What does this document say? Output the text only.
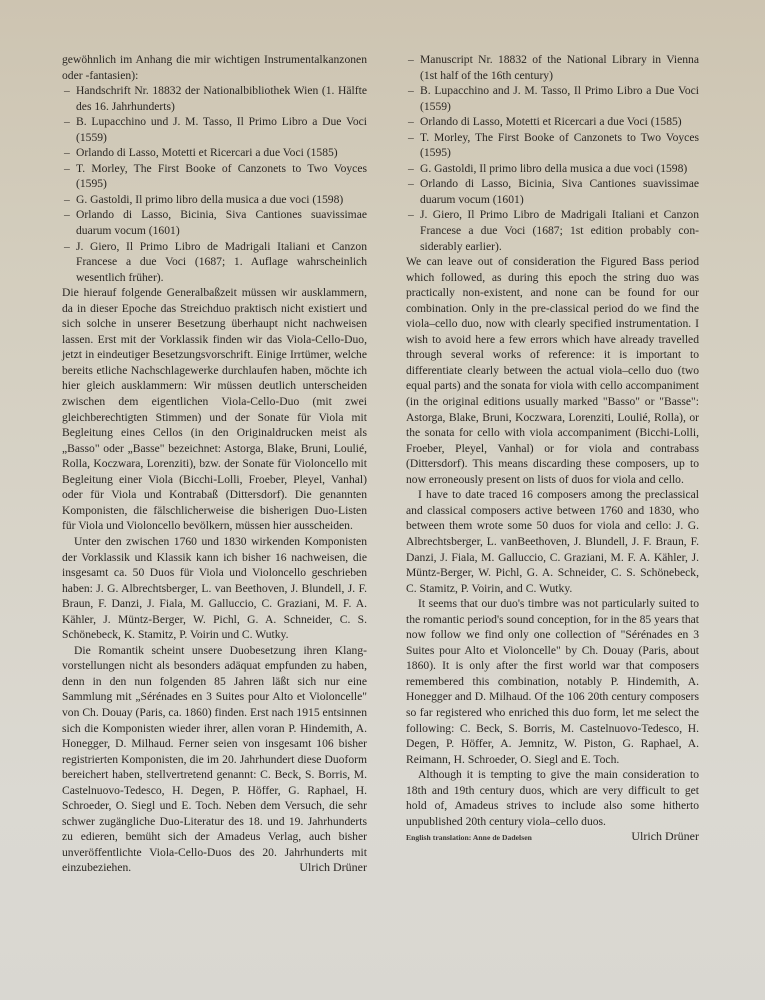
gewöhnlich im Anhang die mir wichtigen Instrumentalkanzonen oder -fantasien):

– Handschrift Nr. 18832 der Nationalbibliothek Wien (1. Hälfte des 16. Jahrhunderts)
– B. Lupacchino und J. M. Tasso, Il Primo Libro a Due Voci (1559)
– Orlando di Lasso, Motetti et Ricercari a due Voci (1585)
– T. Morley, The First Booke of Canzonets to Two Voyces (1595)
– G. Gastoldi, Il primo libro della musica a due voci (1598)
– Orlando di Lasso, Bicinia, Siva Cantiones suavissimae duarum vocum (1601)
– J. Giero, Il Primo Libro de Madrigali Italiani et Canzon Francese a due Voci (1687; 1. Auflage wahrscheinlich wesentlich früher).

Die hierauf folgende Generalbaßzeit müssen wir ausklammern, da in dieser Epoche das Streichduo praktisch nicht existiert und sich solche in unserer Besetzung überhaupt nicht nachweisen lassen. Erst mit der Vorklassik finden wir das Viola-Cello-Duo, jetzt in eindeutiger Besetzungsvorschrift. Einige Irrtümer, welche bereits etliche Nachschlagewerke durchlaufen haben, möchte ich hier gleich ausklammern: Wir müssen deutlich unterscheiden zwischen dem eigentlichen Viola-Cello-Duo (mit zwei gleichberechtigten Stimmen) und der Sonate für Viola mit Begleitung eines Cellos (in den Originaldrucken meist als „Basso" oder „Basse" bezeichnet: Astorga, Blake, Bruni, Loulié, Rolla, Koczwara, Lorenziti), bzw. der Sonate für Violoncello mit Begleitung einer Viola (Bicchi-Lolli, Froeber, Pleyel, Vanhal) oder für Viola und Kontrabaß (Dittersdorf). Die genannten Komponisten, die fälschlicherweise die bisherigen Duo-Listen für Viola und Violoncello bevölkern, müssen hier ausscheiden.

Unter den zwischen 1760 und 1830 wirkenden Komponisten der Vorklassik und Klassik kann ich bisher 16 nachweisen, die insgesamt ca. 50 Duos für Viola und Violoncello geschrieben haben: J. G. Albrechtsberger, L. van Beethoven, J. Blundell, J. F. Braun, F. Danzi, J. Fiala, M. Galluccio, C. Graziani, M. F. A. Kähler, J. Müntz-Berger, W. Pichl, G. A. Schneider, C. S. Schönebeck, K. Stamitz, P. Voirin und C. Wutky.

Die Romantik scheint unsere Duobesetzung ihren Klangvorstellungen nicht als besonders adäquat empfunden zu haben, denn in den nun folgenden 85 Jahren läßt sich nur eine Sammlung mit „Sérénades en 3 Suites pour Alto et Violoncelle" von Ch. Douay (Paris, ca. 1860) finden. Erst nach 1915 entsinnen sich die Komponisten wieder ihrer, allen voran P. Hindemith, A. Honegger, D. Milhaud. Ferner seien von insgesamt 106 bisher registrierten Komponisten, die im 20. Jahrhundert diese Duoform bereichert haben, stellvertretend genannt: C. Beck, S. Borris, M. Castelnuovo-Tedesco, H. Degen, P. Höffer, G. Raphael, H. Schroeder, O. Siegl und E. Toch. Neben dem Versuch, die sehr schwer zugängliche Duo-Literatur des 18. und 19. Jahrhunderts zu edieren, bemüht sich der Amadeus Verlag, auch bisher unveröffentlichte Viola-Cello-Duos des 20. Jahrhunderts mit einzubeziehen.	Ulrich Drüner
– Manuscript Nr. 18832 of the National Library in Vienna (1st half of the 16th century)
– B. Lupacchino and J. M. Tasso, Il Primo Libro a Due Voci (1559)
– Orlando di Lasso, Motetti et Ricercari a due Voci (1585)
– T. Morley, The First Booke of Canzonets to Two Voyces (1595)
– G. Gastoldi, Il primo libro della musica a due voci (1598)
– Orlando di Lasso, Bicinia, Siva Cantiones suavissimae duarum vocum (1601)
– J. Giero, Il Primo Libro de Madrigali Italiani et Canzon Francese a due Voci (1687; 1st edition probably considerably earlier).

We can leave out of consideration the Figured Bass period which followed, as during this epoch the string duo was practically non-existent, and none can be found for our combination. Only in the pre-classical period do we find the viola–cello duo, now with clearly specified instrumentation. I wish to avoid here a few errors which have already travelled through several works of reference: it is important to differentiate clearly between the actual viola–cello duo (two equal parts) and the sonata for viola with cello accompaniment (in the original editions usually marked "Basso" or "Basse": Astorga, Blake, Bruni, Koczwara, Lorenziti, Loulié, Rolla), or the sonata for cello with viola accompaniment (Bicchi-Lolli, Froeber, Pleyel, Vanhal) or for viola and contrabass (Dittersdorf). This means discarding these composers, up to now erroneously present on lists of duos for viola and cello.

I have to date traced 16 composers among the preclassical and classical composers active between 1760 and 1830, who between them wrote some 50 duos for viola and cello: J. G. Albrechtsberger, L. vanBeethoven, J. Blundell, J. F. Braun, F. Danzi, J. Fiala, M. Galluccio, C. Graziani, M. F. A. Kähler, J. Müntz-Berger, W. Pichl, G. A. Schneider, C. S. Schönebeck, C. Stamitz, P. Voirin, and C. Wutky.

It seems that our duo's timbre was not particularly suited to the romantic period's sound conception, for in the 85 years that now follow we find only one collection of "Sérénades en 3 Suites pour Alto et Violoncelle" by Ch. Douay (Paris, about 1860). It is only after the first world war that composers remembered this combination, notably P. Hindemith, A. Honegger and D. Milhaud. Of the 106 20th century composers so far registered who enriched this duo form, let me select the following: C. Beck, S. Borris, M. Castelnuovo-Tedesco, H. Degen, P. Höffer, A. Jemnitz, W. Piston, G. Raphael, A. Reimann, H. Schroeder, O. Siegl and E. Toch.

Although it is tempting to give the main consideration to 18th and 19th century duos, which are very difficult to get hold of, Amadeus strives to include also some hitherto unpublished 20th century viola–cello duos.

English translation: Anne de Dadelsen	Ulrich Drüner
